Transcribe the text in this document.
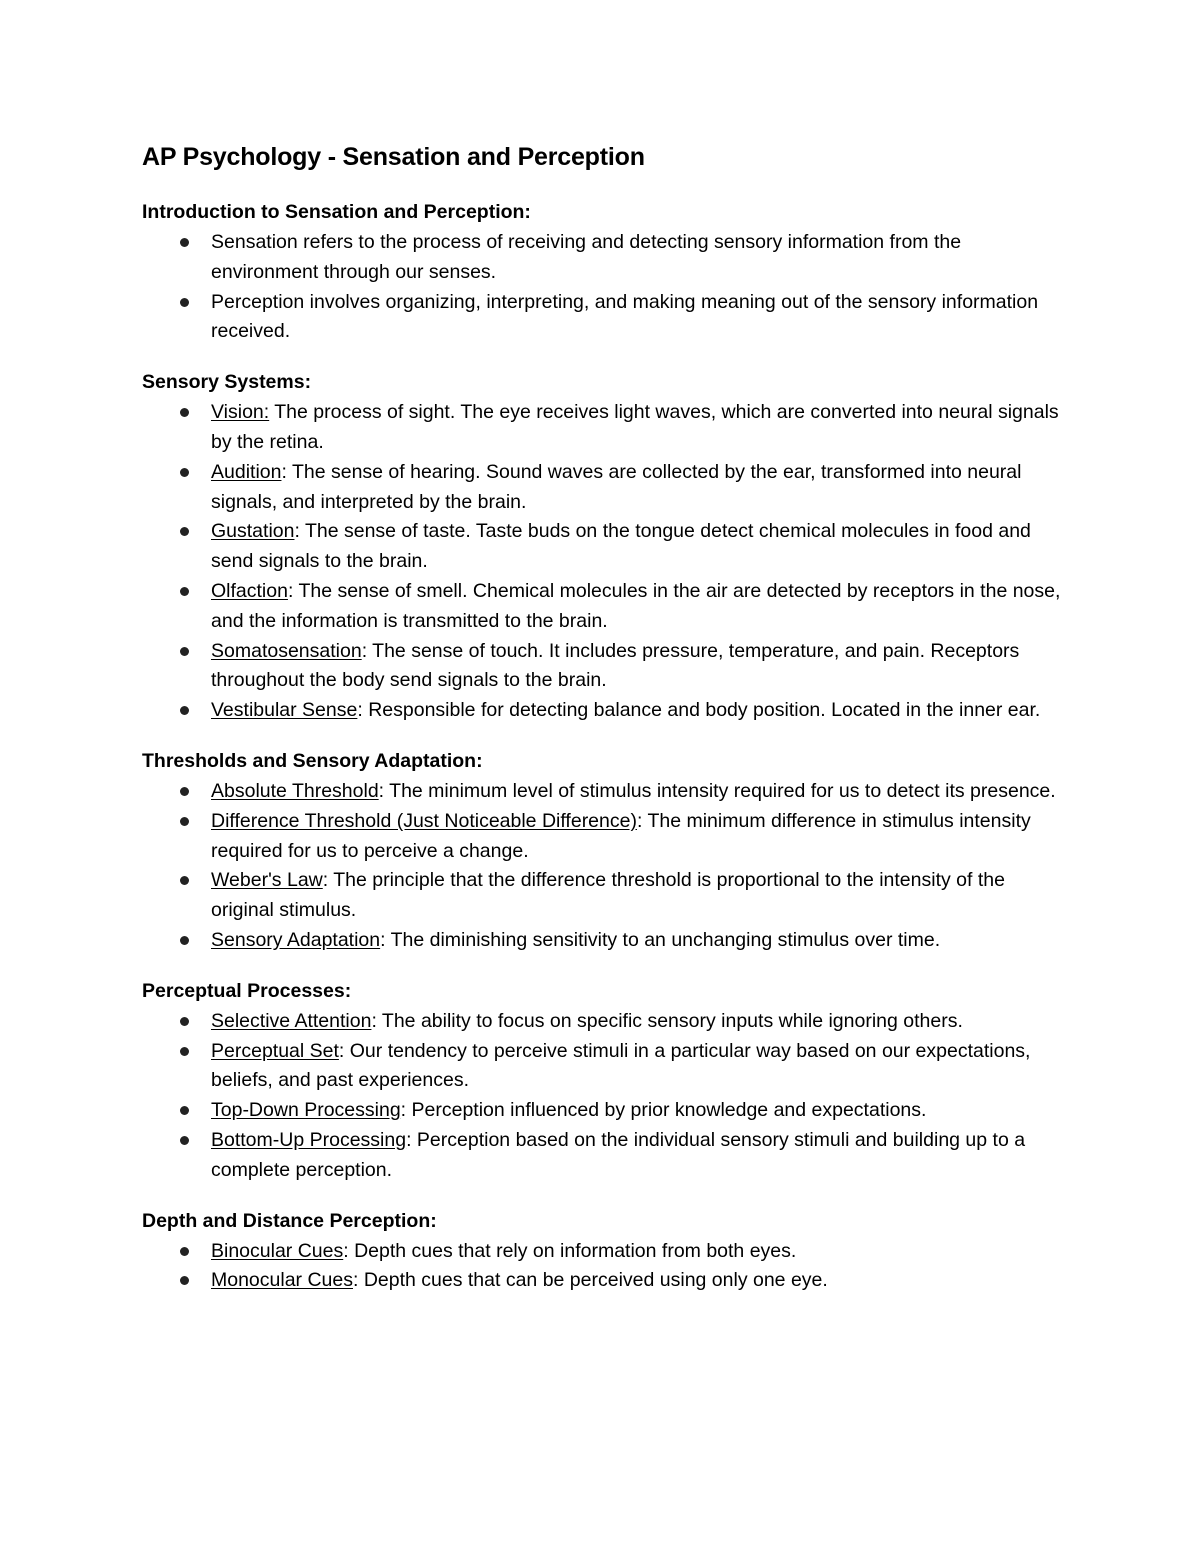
AP Psychology - Sensation and Perception
Introduction to Sensation and Perception:
Sensation refers to the process of receiving and detecting sensory information from the environment through our senses.
Perception involves organizing, interpreting, and making meaning out of the sensory information received.
Sensory Systems:
Vision: The process of sight. The eye receives light waves, which are converted into neural signals by the retina.
Audition: The sense of hearing. Sound waves are collected by the ear, transformed into neural signals, and interpreted by the brain.
Gustation: The sense of taste. Taste buds on the tongue detect chemical molecules in food and send signals to the brain.
Olfaction: The sense of smell. Chemical molecules in the air are detected by receptors in the nose, and the information is transmitted to the brain.
Somatosensation: The sense of touch. It includes pressure, temperature, and pain. Receptors throughout the body send signals to the brain.
Vestibular Sense: Responsible for detecting balance and body position. Located in the inner ear.
Thresholds and Sensory Adaptation:
Absolute Threshold: The minimum level of stimulus intensity required for us to detect its presence.
Difference Threshold (Just Noticeable Difference): The minimum difference in stimulus intensity required for us to perceive a change.
Weber's Law: The principle that the difference threshold is proportional to the intensity of the original stimulus.
Sensory Adaptation: The diminishing sensitivity to an unchanging stimulus over time.
Perceptual Processes:
Selective Attention: The ability to focus on specific sensory inputs while ignoring others.
Perceptual Set: Our tendency to perceive stimuli in a particular way based on our expectations, beliefs, and past experiences.
Top-Down Processing: Perception influenced by prior knowledge and expectations.
Bottom-Up Processing: Perception based on the individual sensory stimuli and building up to a complete perception.
Depth and Distance Perception:
Binocular Cues: Depth cues that rely on information from both eyes.
Monocular Cues: Depth cues that can be perceived using only one eye.
